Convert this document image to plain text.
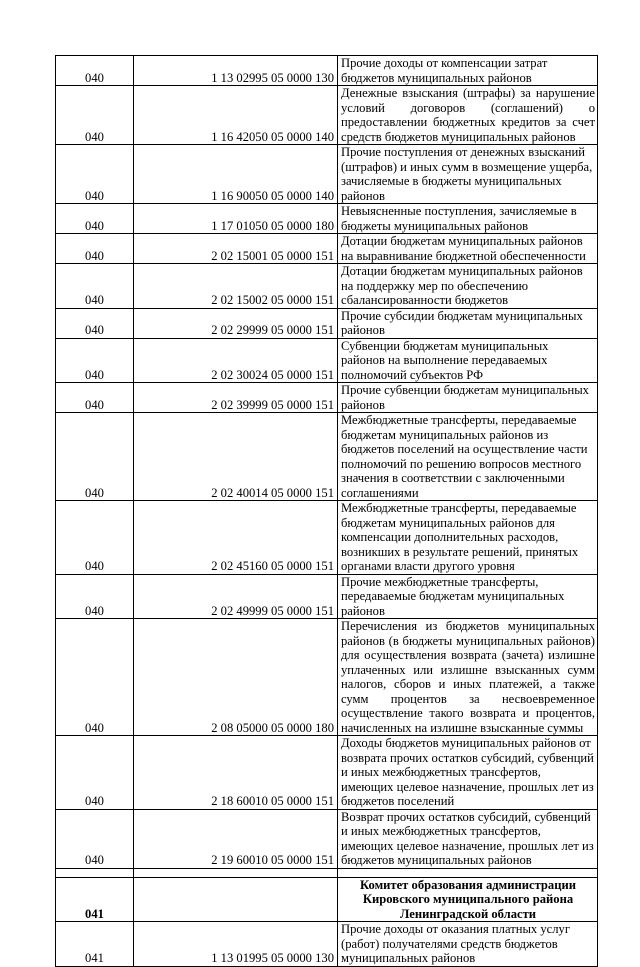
040	1 13 02995 05 0000 130	Прочие доходы от компенсации затрат бюджетов муниципальных районов
040	1 16 42050 05 0000 140	Денежные взыскания (штрафы) за нарушение условий договоров (соглашений) о предоставлении бюджетных кредитов за счет средств бюджетов муниципальных районов
040	1 16 90050 05 0000 140	Прочие поступления от денежных взысканий (штрафов) и иных сумм в возмещение ущерба, зачисляемые в бюджеты муниципальных районов
040	1 17 01050 05 0000 180	Невыясненные поступления, зачисляемые в бюджеты муниципальных районов
040	2 02 15001 05 0000 151	Дотации бюджетам муниципальных районов на выравнивание бюджетной обеспеченности
040	2 02 15002 05 0000 151	Дотации бюджетам муниципальных районов на поддержку мер по обеспечению сбалансированности бюджетов
040	2 02 29999 05 0000 151	Прочие субсидии бюджетам муниципальных районов
040	2 02 30024 05 0000 151	Субвенции бюджетам муниципальных районов на выполнение передаваемых полномочий субъектов РФ
040	2 02 39999 05 0000 151	Прочие субвенции бюджетам муниципальных районов
040	2 02 40014 05 0000 151	Межбюджетные трансферты, передаваемые бюджетам муниципальных районов из бюджетов поселений на осуществление части полномочий по решению вопросов местного значения в соответствии с заключенными соглашениями
040	2 02 45160 05 0000 151	Межбюджетные трансферты, передаваемые бюджетам муниципальных районов для компенсации дополнительных расходов, возникших в результате решений, принятых органами власти другого уровня
040	2 02 49999 05 0000 151	Прочие межбюджетные трансферты, передаваемые бюджетам муниципальных районов
040	2 08 05000 05 0000 180	Перечисления из бюджетов муниципальных районов (в бюджеты муниципальных районов) для осуществления возврата (зачета) излишне уплаченных или излишне взысканных сумм налогов, сборов и иных платежей, а также сумм процентов за несвоевременное осуществление такого возврата и процентов, начисленных на излишне взысканные суммы
040	2 18 60010 05 0000 151	Доходы бюджетов муниципальных районов от возврата прочих остатков субсидий, субвенций и иных межбюджетных трансфертов, имеющих целевое назначение, прошлых лет из бюджетов поселений
040	2 19 60010 05 0000 151	Возврат прочих остатков субсидий, субвенций и иных межбюджетных трансфертов, имеющих целевое назначение, прошлых лет из бюджетов муниципальных районов

041		Комитет образования администрации Кировского муниципального района Ленинградской области
041	1 13 01995 05 0000 130	Прочие доходы от оказания платных услуг (работ) получателями средств бюджетов муниципальных районов
